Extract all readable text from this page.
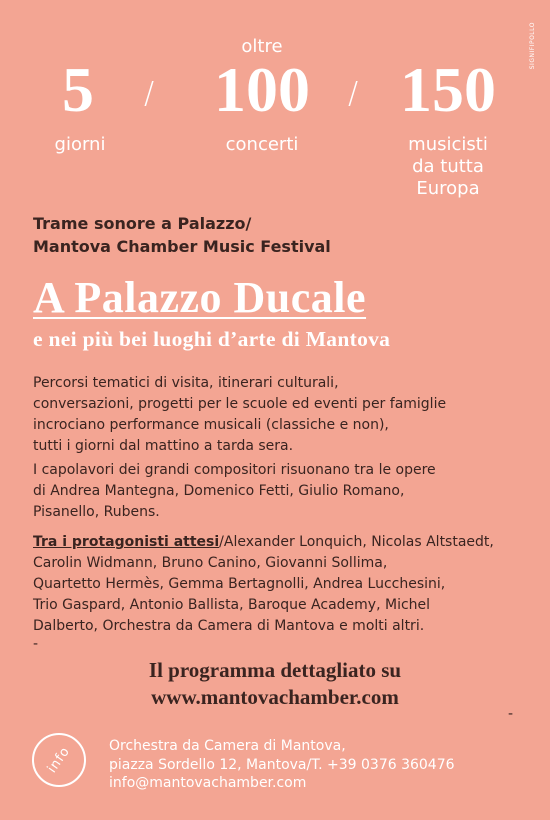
SIGNIFIPOLLO
5
giorni
/
oltre
100
concerti
/ 150
musicisti
da tutta
Europa
Trame sonore a Palazzo/
Mantova Chamber Music Festival
A Palazzo Ducale
e nei più bei luoghi d’arte di Mantova
Percorsi tematici di visita, itinerari culturali,
conversazioni, progetti per le scuole ed eventi per famiglie
incrociano performance musicali (classiche e non),
tutti i giorni dal mattino a tarda sera.
I capolavori dei grandi compositori risuonano tra le opere
di Andrea Mantegna, Domenico Fetti, Giulio Romano,
Pisanello, Rubens.
Tra i protagonisti attesi/Alexander Lonquich, Nicolas Altstaedt,
Carolin Widmann, Bruno Canino, Giovanni Sollima,
Quartetto Hermès, Gemma Bertagnolli, Andrea Lucchesini,
Trio Gaspard, Antonio Ballista, Baroque Academy, Michel
Dalberto, Orchestra da Camera di Mantova e molti altri.
-
Il programma dettagliato su
www.mantovachamber.com
-
info	Orchestra da Camera di Mantova,
piazza Sordello 12, Mantova/T. +39 0376 360476
info@mantovachamber.com
